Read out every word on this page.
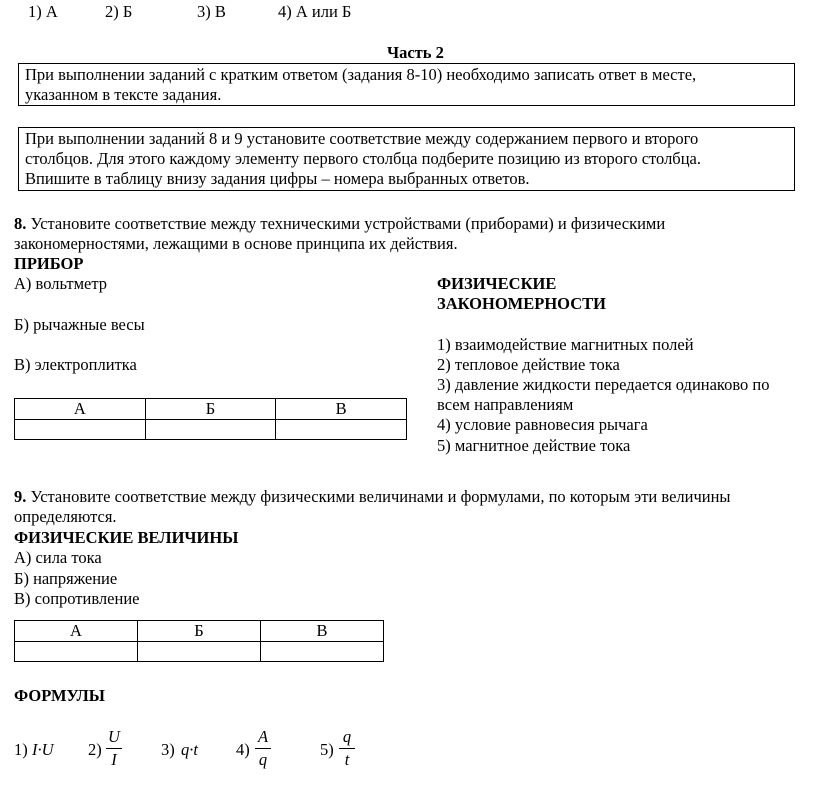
1) А	2) Б	3) В	4) А или Б
Часть 2

При выполнении заданий с кратким ответом (задания 8-10) необходимо записать ответ в месте,

указанном в тексте задания.

При выполнении заданий 8 и 9 установите соответствие между содержанием первого и второго

столбцов. Для этого каждому элементу первого столбца подберите позицию из второго столбца.

Впишите в таблицу внизу задания цифры – номера выбранных ответов.

8. Установите соответствие между техническими устройствами (приборами) и физическими
закономерностями, лежащими в основе принципа их действия.
ПРИБОР
А) вольтметр
Б) рычажные весы
В) электроплитка
ФИЗИЧЕСКИЕ
ЗАКОНОМЕРНОСТИ
1) взаимодействие магнитных полей
2) тепловое действие тока
3) давление жидкости передается одинаково по
всем направлениям
4) условие равновесия рычага
5) магнитное действие тока
А	Б	В

9. Установите соответствие между физическими величинами и формулами, по которым эти величины
определяются.
ФИЗИЧЕСКИЕ ВЕЛИЧИНЫ
А) сила тока
Б) напряжение
В) сопротивление
А	Б	В

ФОРМУЛЫ
1) I·U 2)
U
I
3) q·t 4)
A
q
5)
q
t
